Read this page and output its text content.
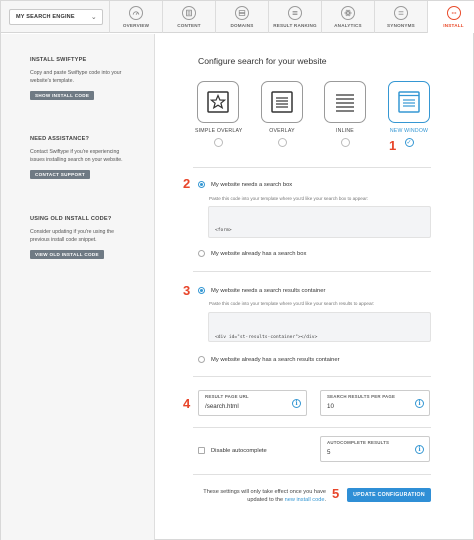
MY SEARCH ENGINE ⌄
OVERVIEW	CONTENT	DOMAINS	RESULT RANKING	ANALYTICS	SYNONYMS	INSTALL
INSTALL SWIFTYPE
Copy and paste Swiftype code into your
website's template.
SHOW INSTALL CODE
NEED ASSISTANCE?
Contact Swiftype if you're experiencing
issues installing search on your website.
CONTACT SUPPORT
USING OLD INSTALL CODE?
Consider updating if you're using the
previous install code snippet.
VIEW OLD INSTALL CODE
Configure search for your website
SIMPLE OVERLAY	OVERLAY	INLINE	NEW WINDOW
✓
My website needs a search box
Paste this code into your template where you'd like your search box to appear:

<form>

My website already has a search box
My website needs a search results container
Paste this code into your template where you'd like your search results to appear:

<div id="st-results-container"></div>

My website already has a search results container
RESULT PAGE URL
/search.html	i
SEARCH RESULTS PER PAGE
10	i
Disable autocomplete
AUTOCOMPLETE RESULTS
5	i
These settings will only take effect once you have
updated to the new install code.
UPDATE CONFIGURATION
1
2
3
4
5
